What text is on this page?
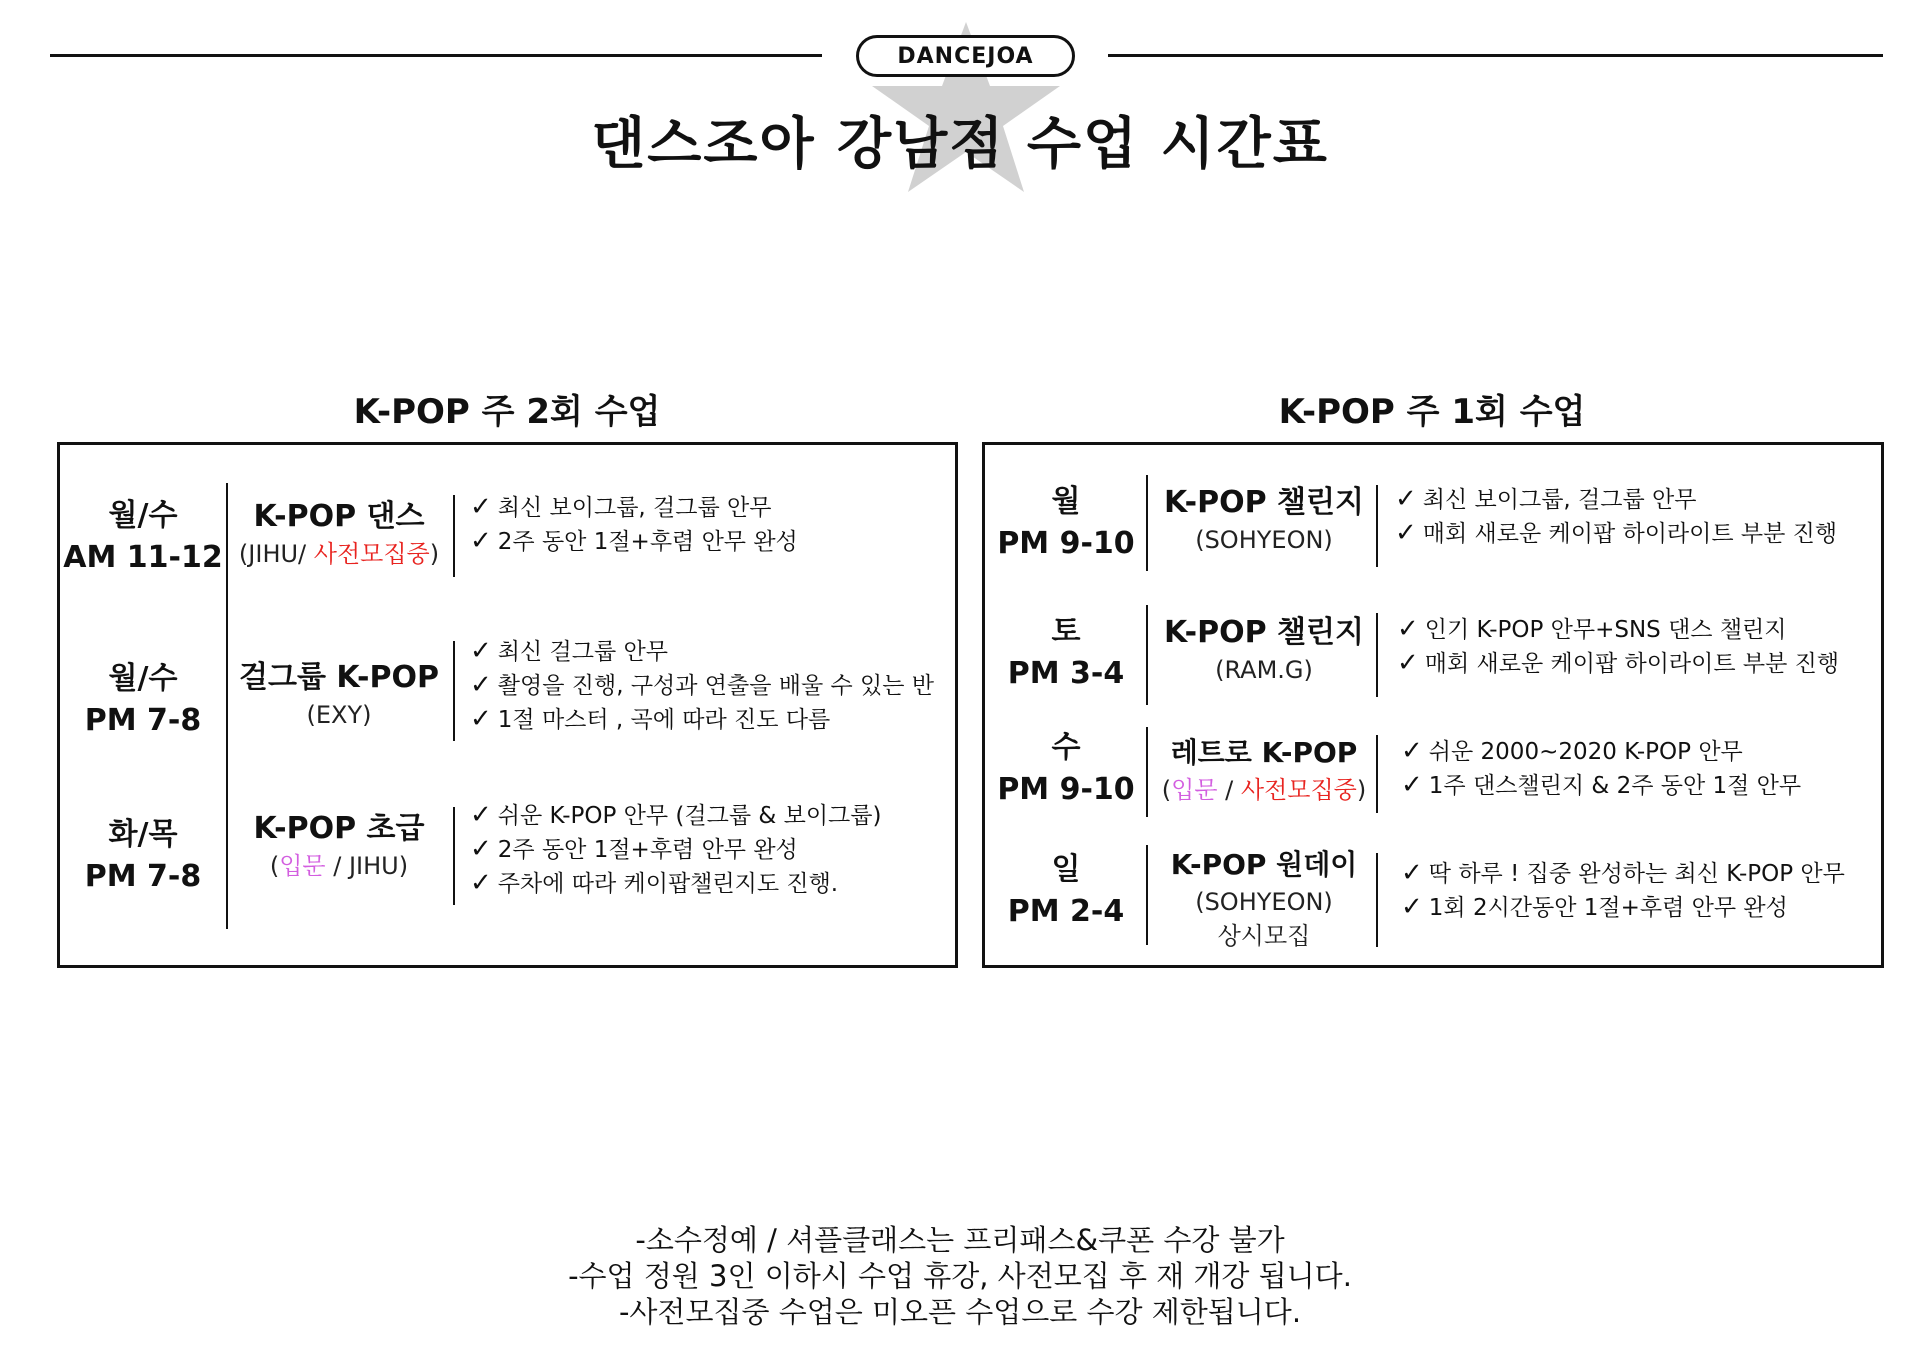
DANCEJOA
댄스조아 강남점 수업 시간표
K-POP 주 2회 수업
월/수
AM 11-12
K-POP 댄스
(JIHU/ 사전모집중)
✓ 최신 보이그룹, 걸그룹 안무
✓ 2주 동안 1절+후렴 안무 완성
월/수
PM 7-8
걸그룹 K-POP
(EXY)
✓ 최신 걸그룹 안무
✓ 촬영을 진행, 구성과 연출을 배울 수 있는 반
✓ 1절 마스터 , 곡에 따라 진도 다름
화/목
PM 7-8
K-POP 초급
(입문 / JIHU)
✓ 쉬운 K-POP 안무 (걸그룹 & 보이그룹)
✓ 2주 동안 1절+후렴 안무 완성
✓ 주차에 따라 케이팝챌린지도 진행.
K-POP 주 1회 수업
월
PM 9-10
K-POP 챌린지
(SOHYEON)
✓ 최신 보이그룹, 걸그룹 안무
✓ 매회 새로운 케이팝 하이라이트 부분 진행
토
PM 3-4
K-POP 챌린지
(RAM.G)
✓ 인기 K-POP 안무+SNS 댄스 챌린지
✓ 매회 새로운 케이팝 하이라이트 부분 진행
수
PM 9-10
레트로 K-POP
(입문 / 사전모집중)
✓ 쉬운 2000~2020 K-POP 안무
✓ 1주 댄스챌린지 & 2주 동안 1절 안무
일
PM 2-4
K-POP 원데이
(SOHYEON)
상시모집
✓ 딱 하루 ! 집중 완성하는 최신 K-POP 안무
✓ 1회 2시간동안 1절+후렴 안무 완성
-소수정예 / 셔플클래스는 프리패스&쿠폰 수강 불가
-수업 정원 3인 이하시 수업 휴강, 사전모집 후 재 개강 됩니다.
-사전모집중 수업은 미오픈 수업으로 수강 제한됩니다.
